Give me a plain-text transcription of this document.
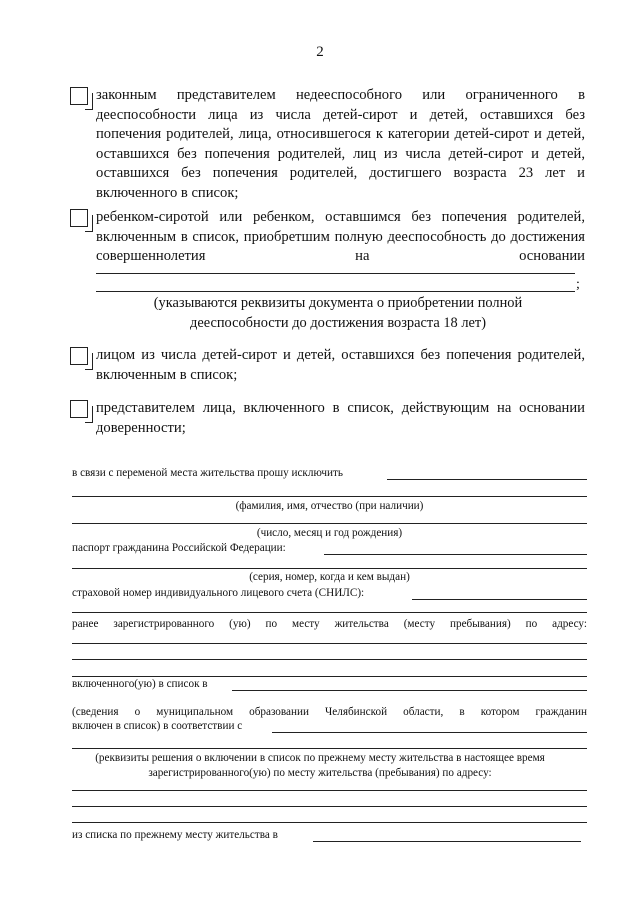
2
законным представителем недееспособного или ограниченного в дееспособности лица из числа детей-сирот и детей, оставшихся без попечения родителей, лица, относившегося к категории детей-сирот и детей, оставшихся без попечения родителей, лиц из числа детей-сирот и детей, оставшихся без попечения родителей, достигшего возраста 23 лет и включенного в список;
ребенком-сиротой или ребенком, оставшимся без попечения родителей, включенным в список, приобретшим полную дееспособность до достижения совершеннолетия на основании
;
(указываются реквизиты документа о приобретении полной дееспособности до достижения возраста 18 лет)
лицом из числа детей-сирот и детей, оставшихся без попечения родителей, включенным в список;
представителем лица, включенного в список, действующим на основании доверенности;
в связи с переменой места жительства прошу исключить
(фамилия, имя, отчество (при наличии)
(число, месяц и год рождения)
паспорт гражданина Российской Федерации:
(серия, номер, когда и кем выдан)
страховой номер индивидуального лицевого счета (СНИЛС):
ранее зарегистрированного (ую) по месту жительства (месту пребывания) по адресу:
включенного(ую) в список в
(сведения о муниципальном образовании Челябинской области, в котором гражданин
включен в список) в соответствии с
(реквизиты решения о включении в список по прежнему месту жительства в настоящее время зарегистрированного(ую) по месту жительства (пребывания) по адресу:
из списка по прежнему месту жительства в
